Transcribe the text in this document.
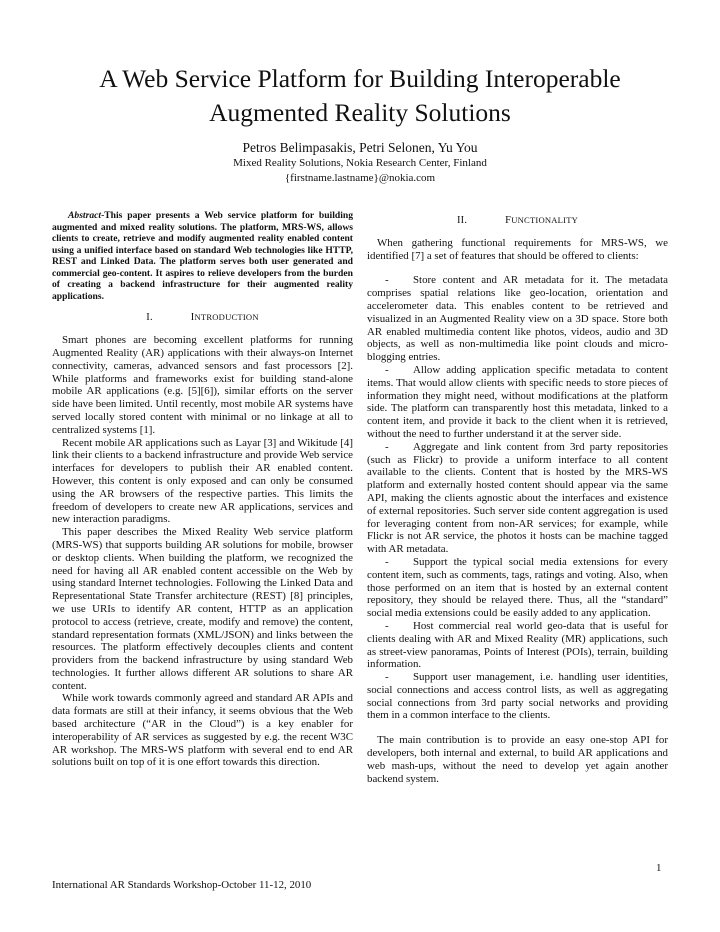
A Web Service Platform for Building Interoperable
Augmented Reality Solutions
Petros Belimpasakis, Petri Selonen, Yu You
Mixed Reality Solutions, Nokia Research Center, Finland
{firstname.lastname}@nokia.com

Abstract-This paper presents a Web service platform for building augmented and mixed reality solutions. The platform, MRS-WS, allows clients to create, retrieve and modify augmented reality enabled content using a unified interface based on standard Web technologies like HTTP, REST and Linked Data. The platform serves both user generated and commercial geo-content. It aspires to relieve developers from the burden of creating a backend infrastructure for their augmented reality applications.

I.	INTRODUCTION

Smart phones are becoming excellent platforms for running Augmented Reality (AR) applications with their always-on Internet connectivity, cameras, advanced sensors and fast processors [2]. While platforms and frameworks exist for building stand-alone mobile AR applications (e.g. [5][6]), similar efforts on the server side have been limited. Until recently, most mobile AR systems have served locally stored content with minimal or no linkage at all to centralized systems [1].

Recent mobile AR applications such as Layar [3] and Wikitude [4] link their clients to a backend infrastructure and provide Web service interfaces for developers to publish their AR enabled content. However, this content is only exposed and can only be consumed using the AR browsers of the respective parties. This limits the freedom of developers to create new AR applications, services and new interaction paradigms.

This paper describes the Mixed Reality Web service platform (MRS-WS) that supports building AR solutions for mobile, browser or desktop clients. When building the platform, we recognized the need for having all AR enabled content accessible on the Web by using standard Internet technologies. Following the Linked Data and Representational State Transfer architecture (REST) [8] principles, we use URIs to identify AR content, HTTP as an application protocol to access (retrieve, create, modify and remove) the content, standard representation formats (XML/JSON) and links between the resources. The platform effectively decouples clients and content providers from the backend infrastructure by using standard Web technologies. It further allows different AR solutions to share AR content.

While work towards commonly agreed and standard AR APIs and data formats are still at their infancy, it seems obvious that the Web based architecture (“AR in the Cloud”) is a key enabler for interoperability of AR services as suggested by e.g. the recent W3C AR workshop. The MRS-WS platform with several end to end AR solutions built on top of it is one effort towards this direction.

II.	FUNCTIONALITY

When gathering functional requirements for MRS-WS, we identified [7] a set of features that should be offered to clients:

- Store content and AR metadata for it. The metadata comprises spatial relations like geo-location, orientation and accelerometer data. This enables content to be retrieved and visualized in an Augmented Reality view on a 3D space. Store both AR enabled multimedia content like photos, videos, audio and 3D objects, as well as non-multimedia like point clouds and micro-blogging entries.

- Allow adding application specific metadata to content items. That would allow clients with specific needs to store pieces of information they might need, without modifications at the platform side. The platform can transparently host this metadata, linked to a content item, and provide it back to the client when it is retrieved, without the need to further understand it at the server side.

- Aggregate and link content from 3rd party repositories (such as Flickr) to provide a uniform interface to all content available to the clients. Content that is hosted by the MRS-WS platform and externally hosted content should appear via the same API, making the clients agnostic about the interfaces and existence of external repositories. Such server side content aggregation is used for leveraging content from non-AR services; for example, while Flickr is not AR service, the photos it hosts can be machine tagged with AR metadata.

- Support the typical social media extensions for every content item, such as comments, tags, ratings and voting. Also, when those performed on an item that is hosted by an external content repository, they should be relayed there. Thus, all the “standard” social media extensions could be easily added to any application.

- Host commercial real world geo-data that is useful for clients dealing with AR and Mixed Reality (MR) applications, such as street-view panoramas, Points of Interest (POIs), terrain, building information.

- Support user management, i.e. handling user identities, social connections and access control lists, as well as aggregating social connections from 3rd party social networks and providing them in a common interface to the clients.

The main contribution is to provide an easy one-stop API for developers, both internal and external, to build AR applications and web mash-ups, without the need to develop yet again another backend system.

1
International AR Standards Workshop-October 11-12, 2010
